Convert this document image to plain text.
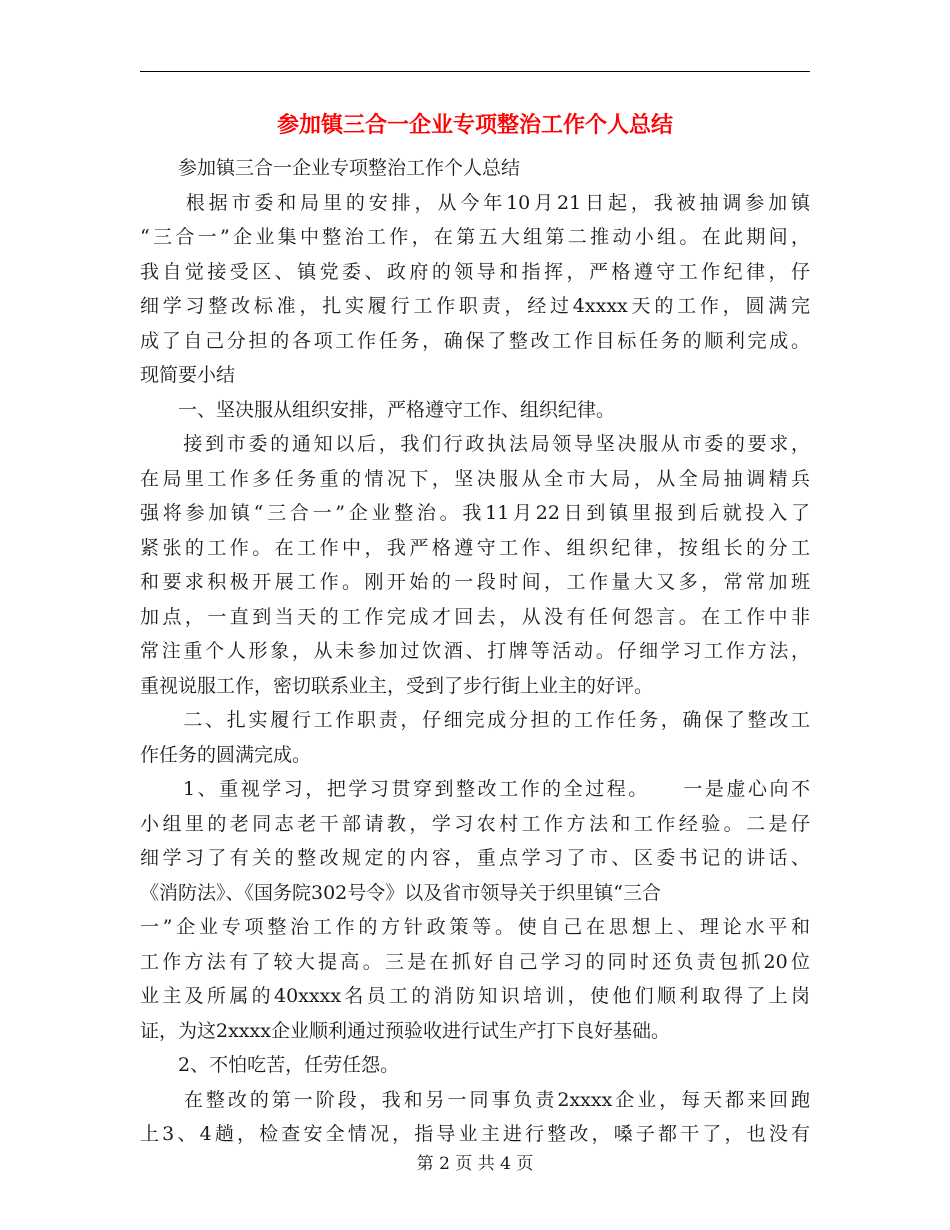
参加镇三合一企业专项整治工作个人总结
　　参加镇三合一企业专项整治工作个人总结
　　根据市委和局里的安排，从今年10月21日起，我被抽调参加镇
“三合一”企业集中整治工作，在第五大组第二推动小组。在此期间，
我自觉接受区、镇党委、政府的领导和指挥，严格遵守工作纪律，仔
细学习整改标准，扎实履行工作职责，经过4xxxx天的工作，圆满完
成了自己分担的各项工作任务，确保了整改工作目标任务的顺利完成。
现简要小结
　　一、坚决服从组织安排，严格遵守工作、组织纪律。
　　接到市委的通知以后，我们行政执法局领导坚决服从市委的要求，
在局里工作多任务重的情况下，坚决服从全市大局，从全局抽调精兵
强将参加镇“三合一”企业整治。我11月22日到镇里报到后就投入了
紧张的工作。在工作中，我严格遵守工作、组织纪律，按组长的分工
和要求积极开展工作。刚开始的一段时间，工作量大又多，常常加班
加点，一直到当天的工作完成才回去，从没有任何怨言。在工作中非
常注重个人形象，从未参加过饮酒、打牌等活动。仔细学习工作方法，
重视说服工作，密切联系业主，受到了步行街上业主的好评。
　　二、扎实履行工作职责，仔细完成分担的工作任务，确保了整改工
作任务的圆满完成。
　　1、重视学习，把学习贯穿到整改工作的全过程。　　一是虚心向不
小组里的老同志老干部请教，学习农村工作方法和工作经验。二是仔
细学习了有关的整改规定的内容，重点学习了市、区委书记的讲话、
《消防法》、《国务院302号令》以及省市领导关于织里镇“三合
一”企业专项整治工作的方针政策等。使自己在思想上、理论水平和
工作方法有了较大提高。三是在抓好自己学习的同时还负责包抓20位
业主及所属的40xxxx名员工的消防知识培训，使他们顺利取得了上岗
证，为这2xxxx企业顺利通过预验收进行试生产打下良好基础。
　　2、不怕吃苦，任劳任怨。
　　在整改的第一阶段，我和另一同事负责2xxxx企业，每天都来回跑
上3、4趟，检查安全情况，指导业主进行整改，嗓子都干了，也没有
第 2 页 共 4 页
